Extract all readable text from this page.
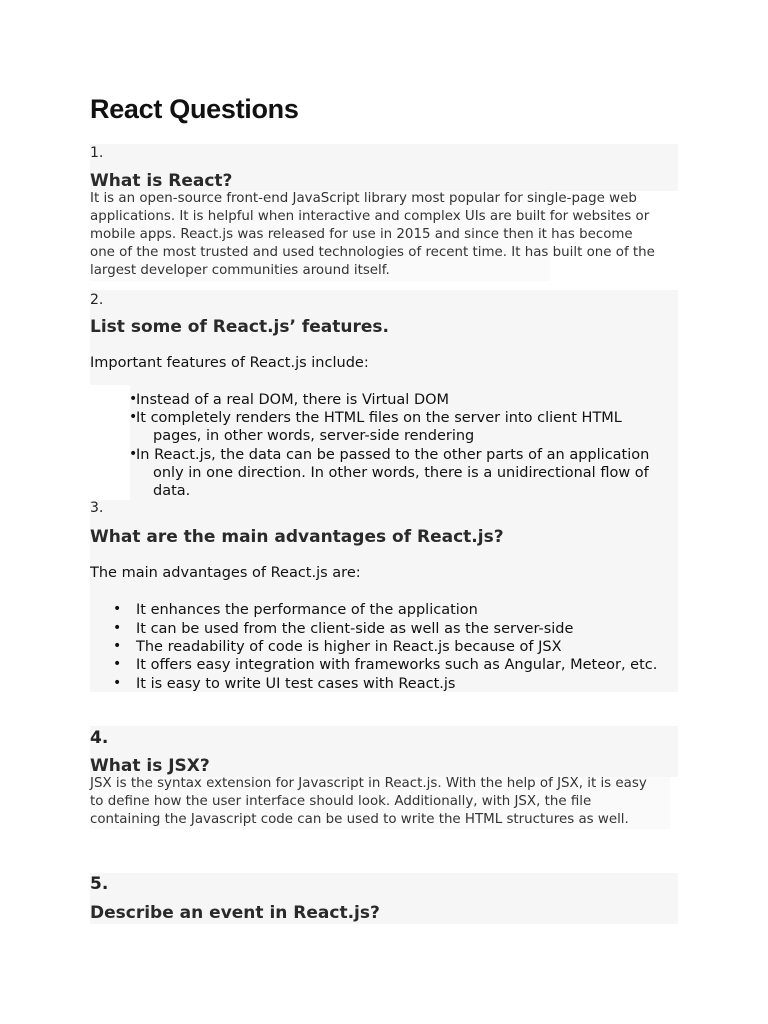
React Questions
1.
What is React?
It is an open-source front-end JavaScript library most popular for single-page web
applications. It is helpful when interactive and complex UIs are built for websites or
mobile apps. React.js was released for use in 2015 and since then it has become
one of the most trusted and used technologies of recent time. It has built one of the
largest developer communities around itself.
2.
List some of React.js’ features.
Important features of React.js include:
•
Instead of a real DOM, there is Virtual DOM
•
It completely renders the HTML files on the server into client HTML
pages, in other words, server-side rendering
•
In React.js, the data can be passed to the other parts of an application
only in one direction. In other words, there is a unidirectional flow of
data.
3.
What are the main advantages of React.js?
The main advantages of React.js are:
• It enhances the performance of the application
• It can be used from the client-side as well as the server-side
• The readability of code is higher in React.js because of JSX
• It offers easy integration with frameworks such as Angular, Meteor, etc.
• It is easy to write UI test cases with React.js
4.
What is JSX?
JSX is the syntax extension for Javascript in React.js. With the help of JSX, it is easy
to define how the user interface should look. Additionally, with JSX, the file
containing the Javascript code can be used to write the HTML structures as well.
5.
Describe an event in React.js?
